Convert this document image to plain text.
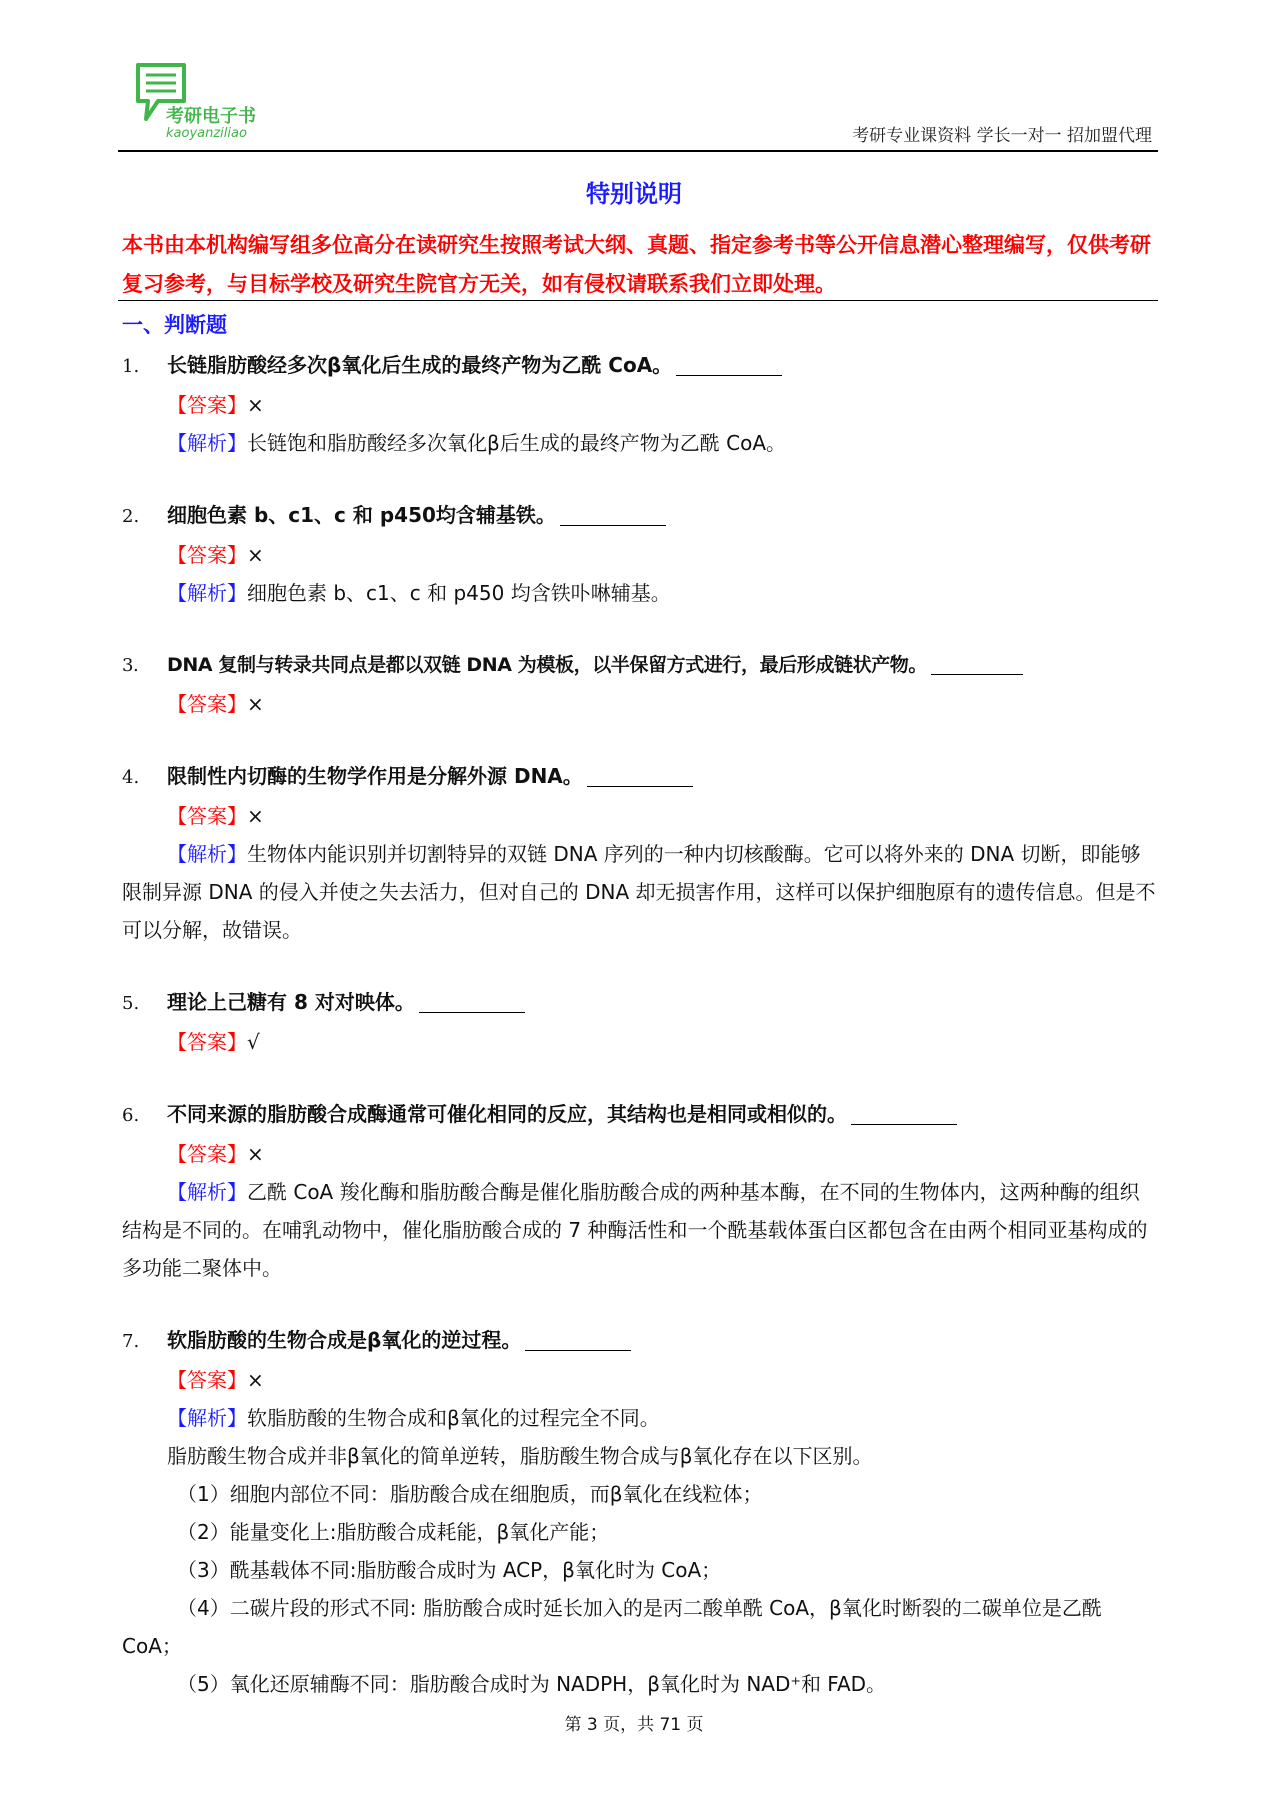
考研电子书
kaoyanziliao	考研专业课资料 学长一对一 招加盟代理
特别说明
本书由本机构编写组多位高分在读研究生按照考试大纲、真题、指定参考书等公开信息潜心整理编写，仅供考研复习参考，与目标学校及研究生院官方无关，如有侵权请联系我们立即处理。
一、判断题
1. 长链脂肪酸经多次β氧化后生成的最终产物为乙酰 CoA。
【答案】×
【解析】长链饱和脂肪酸经多次氧化β后生成的最终产物为乙酰 CoA。
2. 细胞色素 b、c1、c 和 p450均含辅基铁。
【答案】×
【解析】细胞色素 b、c1、c 和 p450 均含铁卟啉辅基。
3. DNA 复制与转录共同点是都以双链 DNA 为模板，以半保留方式进行，最后形成链状产物。
【答案】×
4. 限制性内切酶的生物学作用是分解外源 DNA。
【答案】×
【解析】生物体内能识别并切割特异的双链 DNA 序列的一种内切核酸酶。它可以将外来的 DNA 切断，即能够限制异源 DNA 的侵入并使之失去活力，但对自己的 DNA 却无损害作用，这样可以保护细胞原有的遗传信息。但是不可以分解，故错误。
5. 理论上己糖有 8 对对映体。
【答案】√
6. 不同来源的脂肪酸合成酶通常可催化相同的反应，其结构也是相同或相似的。
【答案】×
【解析】乙酰 CoA 羧化酶和脂肪酸合酶是催化脂肪酸合成的两种基本酶，在不同的生物体内，这两种酶的组织结构是不同的。在哺乳动物中，催化脂肪酸合成的 7 种酶活性和一个酰基载体蛋白区都包含在由两个相同亚基构成的多功能二聚体中。
7. 软脂肪酸的生物合成是β氧化的逆过程。
【答案】×
【解析】软脂肪酸的生物合成和β氧化的过程完全不同。
脂肪酸生物合成并非β氧化的简单逆转，脂肪酸生物合成与β氧化存在以下区别。
（1）细胞内部位不同：脂肪酸合成在细胞质，而β氧化在线粒体；
（2）能量变化上:脂肪酸合成耗能，β氧化产能；
（3）酰基载体不同:脂肪酸合成时为 ACP，β氧化时为 CoA；
（4）二碳片段的形式不同: 脂肪酸合成时延长加入的是丙二酸单酰 CoA，β氧化时断裂的二碳单位是乙酰 CoA；
（5）氧化还原辅酶不同：脂肪酸合成时为 NADPH，β氧化时为 NAD⁺和 FAD。
第 3 页，共 71 页
